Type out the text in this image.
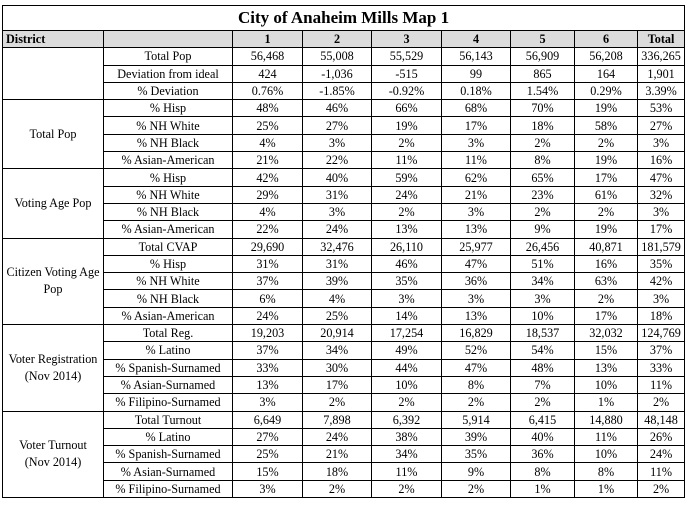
City of Anaheim Mills Map 1								
District		1	2	3	4	5	6	Total
	Total Pop	56,468	55,008	55,529	56,143	56,909	56,208	336,265
	Deviation from ideal	424	-1,036	-515	99	865	164	1,901
	% Deviation	0.76%	-1.85%	-0.92%	0.18%	1.54%	0.29%	3.39%
Total Pop	% Hisp	48%	46%	66%	68%	70%	19%	53%
	% NH White	25%	27%	19%	17%	18%	58%	27%
	% NH Black	4%	3%	2%	3%	2%	2%	3%
	% Asian-American	21%	22%	11%	11%	8%	19%	16%
Voting Age Pop	% Hisp	42%	40%	59%	62%	65%	17%	47%
	% NH White	29%	31%	24%	21%	23%	61%	32%
	% NH Black	4%	3%	2%	3%	2%	2%	3%
	% Asian-American	22%	24%	13%	13%	9%	19%	17%
Citizen Voting Age Pop	Total CVAP	29,690	32,476	26,110	25,977	26,456	40,871	181,579
	% Hisp	31%	31%	46%	47%	51%	16%	35%
	% NH White	37%	39%	35%	36%	34%	63%	42%
	% NH Black	6%	4%	3%	3%	3%	2%	3%
	% Asian-American	24%	25%	14%	13%	10%	17%	18%
Voter Registration (Nov 2014)	Total Reg.	19,203	20,914	17,254	16,829	18,537	32,032	124,769
	% Latino	37%	34%	49%	52%	54%	15%	37%
	% Spanish-Surnamed	33%	30%	44%	47%	48%	13%	33%
	% Asian-Surnamed	13%	17%	10%	8%	7%	10%	11%
	% Filipino-Surnamed	3%	2%	2%	2%	2%	1%	2%
Voter Turnout (Nov 2014)	Total Turnout	6,649	7,898	6,392	5,914	6,415	14,880	48,148
	% Latino	27%	24%	38%	39%	40%	11%	26%
	% Spanish-Surnamed	25%	21%	34%	35%	36%	10%	24%
	% Asian-Surnamed	15%	18%	11%	9%	8%	8%	11%
	% Filipino-Surnamed	3%	2%	2%	2%	1%	1%	2%
